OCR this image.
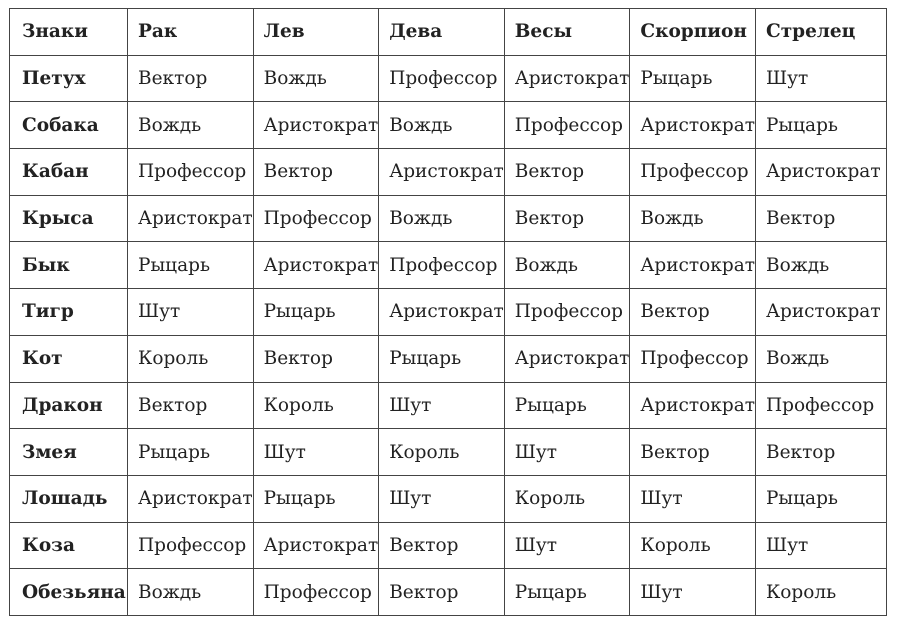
Знаки	Рак	Лев	Дева	Весы	Скорпион	Стрелец
Петух	Вектор	Вождь	Профессор	Аристократ	Рыцарь	Шут
Собака	Вождь	Аристократ	Вождь	Профессор	Аристократ	Рыцарь
Кабан	Профессор	Вектор	Аристократ	Вектор	Профессор	Аристократ
Крыса	Аристократ	Профессор	Вождь	Вектор	Вождь	Вектор
Бык	Рыцарь	Аристократ	Профессор	Вождь	Аристократ	Вождь
Тигр	Шут	Рыцарь	Аристократ	Профессор	Вектор	Аристократ
Кот	Король	Вектор	Рыцарь	Аристократ	Профессор	Вождь
Дракон	Вектор	Король	Шут	Рыцарь	Аристократ	Профессор
Змея	Рыцарь	Шут	Король	Шут	Вектор	Вектор
Лошадь	Аристократ	Рыцарь	Шут	Король	Шут	Рыцарь
Коза	Профессор	Аристократ	Вектор	Шут	Король	Шут
Обезьяна	Вождь	Профессор	Вектор	Рыцарь	Шут	Король
